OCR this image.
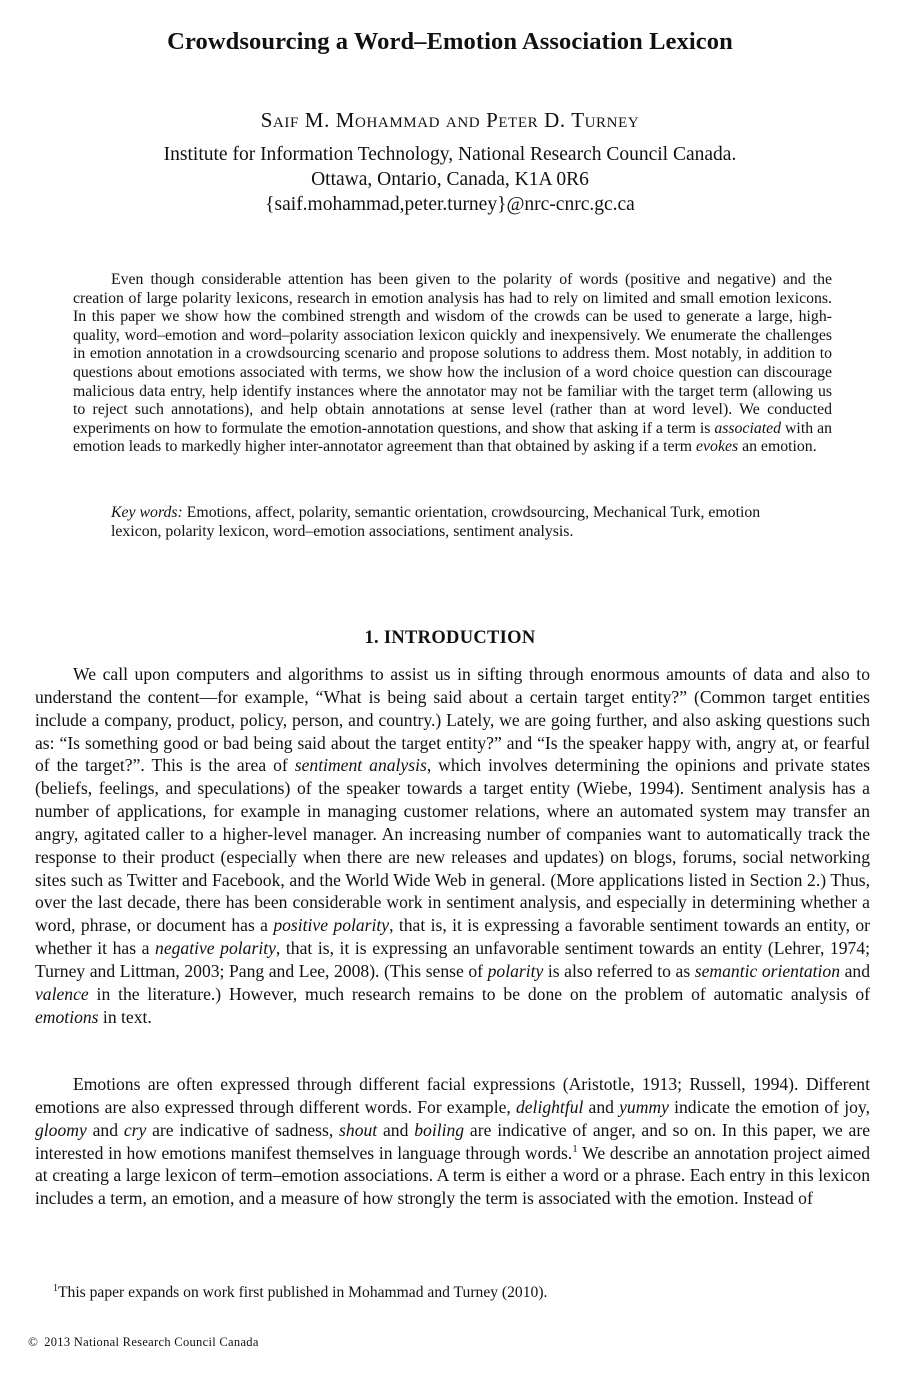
Crowdsourcing a Word–Emotion Association Lexicon
Saif M. Mohammad and Peter D. Turney
Institute for Information Technology, National Research Council Canada.
Ottawa, Ontario, Canada, K1A 0R6
{saif.mohammad,peter.turney}@nrc-cnrc.gc.ca

Even though considerable attention has been given to the polarity of words (positive and negative) and the creation of large polarity lexicons, research in emotion analysis has had to rely on limited and small emotion lexicons. In this paper we show how the combined strength and wisdom of the crowds can be used to generate a large, high-quality, word–emotion and word–polarity association lexicon quickly and inexpensively. We enumerate the challenges in emotion annotation in a crowdsourcing scenario and propose solutions to address them. Most notably, in addition to questions about emotions associated with terms, we show how the inclusion of a word choice question can discourage malicious data entry, help identify instances where the annotator may not be familiar with the target term (allowing us to reject such annotations), and help obtain annotations at sense level (rather than at word level). We conducted experiments on how to formulate the emotion-annotation questions, and show that asking if a term is associated with an emotion leads to markedly higher inter-annotator agreement than that obtained by asking if a term evokes an emotion.

Key words: Emotions, affect, polarity, semantic orientation, crowdsourcing, Mechanical Turk, emotion lexicon, polarity lexicon, word–emotion associations, sentiment analysis.

1. INTRODUCTION

We call upon computers and algorithms to assist us in sifting through enormous amounts of data and also to understand the content—for example, “What is being said about a certain target entity?” (Common target entities include a company, product, policy, person, and country.) Lately, we are going further, and also asking questions such as: “Is something good or bad being said about the target entity?” and “Is the speaker happy with, angry at, or fearful of the target?”. This is the area of sentiment analysis, which involves determining the opinions and private states (beliefs, feelings, and speculations) of the speaker towards a target entity (Wiebe, 1994). Sentiment analysis has a number of applications, for example in managing customer relations, where an automated system may transfer an angry, agitated caller to a higher-level manager. An increasing number of companies want to automatically track the response to their product (especially when there are new releases and updates) on blogs, forums, social networking sites such as Twitter and Facebook, and the World Wide Web in general. (More applications listed in Section 2.) Thus, over the last decade, there has been considerable work in sentiment analysis, and especially in determining whether a word, phrase, or document has a positive polarity, that is, it is expressing a favorable sentiment towards an entity, or whether it has a negative polarity, that is, it is expressing an unfavorable sentiment towards an entity (Lehrer, 1974; Turney and Littman, 2003; Pang and Lee, 2008). (This sense of polarity is also referred to as semantic orientation and valence in the literature.) However, much research remains to be done on the problem of automatic analysis of emotions in text.

Emotions are often expressed through different facial expressions (Aristotle, 1913; Russell, 1994). Different emotions are also expressed through different words. For example, delightful and yummy indicate the emotion of joy, gloomy and cry are indicative of sadness, shout and boiling are indicative of anger, and so on. In this paper, we are interested in how emotions manifest themselves in language through words.$^1$ We describe an annotation project aimed at creating a large lexicon of term–emotion associations. A term is either a word or a phrase. Each entry in this lexicon includes a term, an emotion, and a measure of how strongly the term is associated with the emotion. Instead of

$^1$This paper expands on work first published in Mohammad and Turney (2010).

© 2013 National Research Council Canada
